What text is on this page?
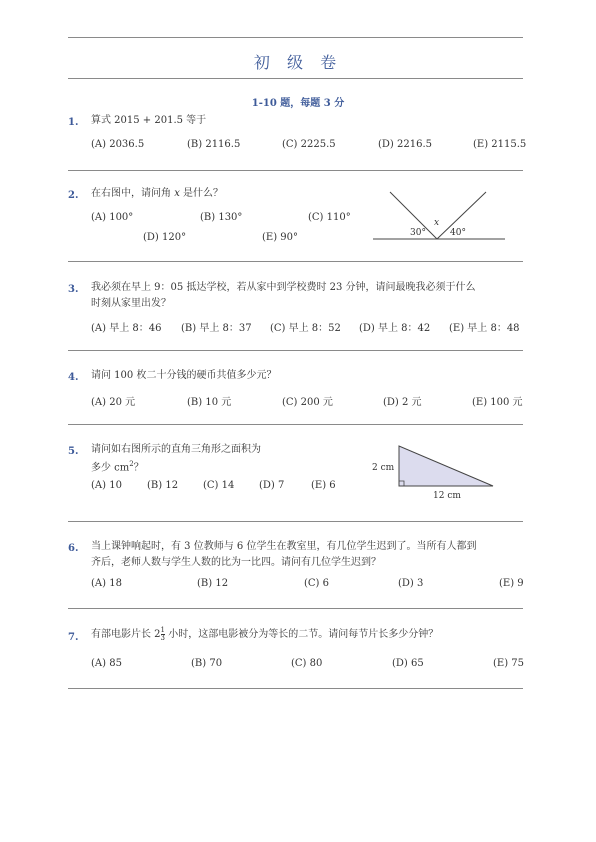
初 级 卷
1-10 题，每题 3 分
1. 算式 2015 + 201.5 等于
(A) 2036.5	(B) 2116.5	(C) 2225.5	(D) 2216.5	(E) 2115.5
2. 在右图中，请问角 x 是什么？
(A) 100°	(B) 130°	(C) 110°
(D) 120°	(E) 90°	30°	40°
x
3. 我必须在早上 9：05 抵达学校，若从家中到学校费时 23 分钟，请问最晚我必须于什么
时刻从家里出发？
(A) 早上 8：46 (B) 早上 8：37 (C) 早上 8：52 (D) 早上 8：42 (E) 早上 8：48
4. 请问 100 枚二十分钱的硬币共值多少元？
(A) 20 元	(B) 10 元	(C) 200 元	(D) 2 元	(E) 100 元
5. 请问如右图所示的直角三角形之面积为
多少 $cm^2$？
(A) 10	(B) 12 (C) 14 (D) 7	(E) 6
2 cm
12 cm
6. 当上课钟响起时，有 3 位教师与 6 位学生在教室里，有几位学生迟到了。当所有人都到
齐后，老师人数与学生人数的比为一比四。请问有几位学生迟到？
(A) 18	(B) 12	(C) 6	(D) 3	(E) 9
7. 有部电影片长 $2 \frac{1}{3}$ 小时，这部电影被分为等长的二节。请问每节片长多少分钟？
(A) 85	(B) 70	(C) 80	(D) 65	(E) 75
